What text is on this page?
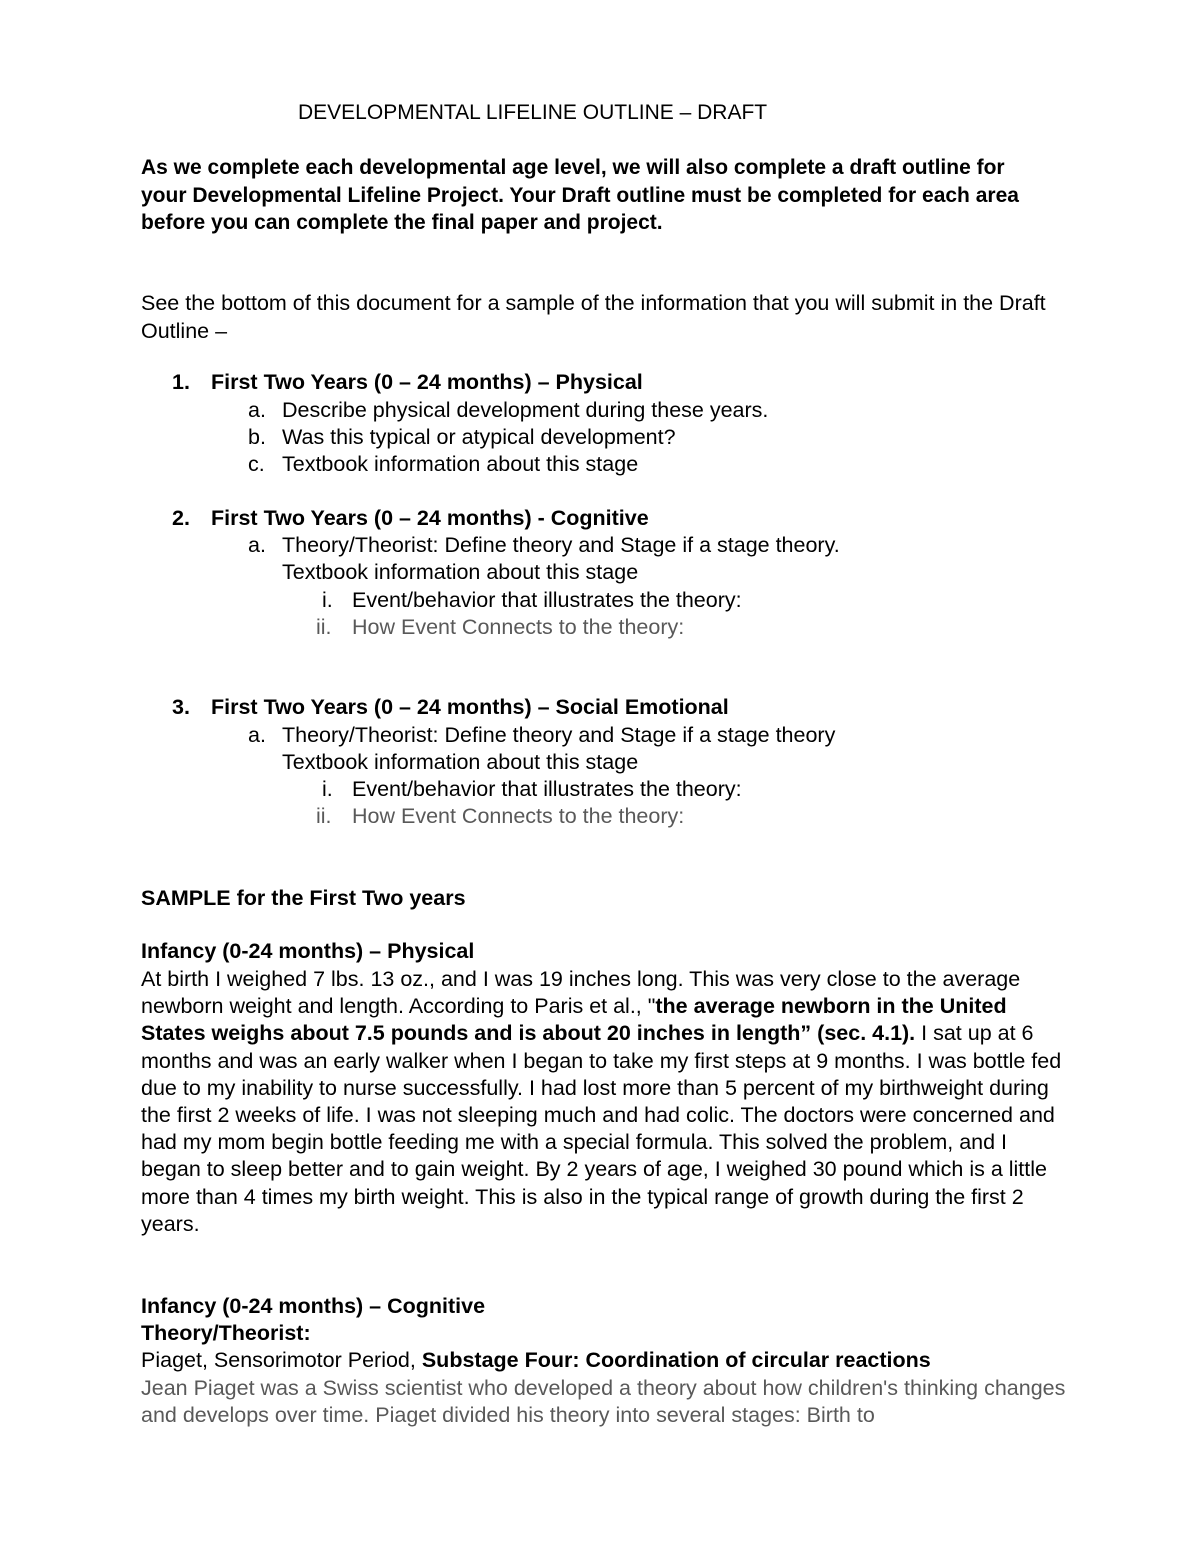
DEVELOPMENTAL LIFELINE OUTLINE – DRAFT

As we complete each developmental age level, we will also complete a draft outline for your Developmental Lifeline Project. Your Draft outline must be completed for each area before you can complete the final paper and project.

See the bottom of this document for a sample of the information that you will submit in the Draft Outline –

1. First Two Years (0 – 24 months) – Physical
a. Describe physical development during these years.
b. Was this typical or atypical development?
c. Textbook information about this stage
2. First Two Years (0 – 24 months) - Cognitive
a. Theory/Theorist: Define theory and Stage if a stage theory.
Textbook information about this stage
i. Event/behavior that illustrates the theory:
ii. How Event Connects to the theory:
3. First Two Years (0 – 24 months) – Social Emotional
a. Theory/Theorist: Define theory and Stage if a stage theory
Textbook information about this stage
i. Event/behavior that illustrates the theory:
ii. How Event Connects to the theory:
SAMPLE for the First Two years
Infancy (0-24 months) – Physical

At birth I weighed 7 lbs. 13 oz., and I was 19 inches long. This was very close to the average newborn weight and length. According to Paris et al., "the average newborn in the United States weighs about 7.5 pounds and is about 20 inches in length” (sec. 4.1). I sat up at 6 months and was an early walker when I began to take my first steps at 9 months. I was bottle fed due to my inability to nurse successfully. I had lost more than 5 percent of my birthweight during the first 2 weeks of life. I was not sleeping much and had colic. The doctors were concerned and had my mom begin bottle feeding me with a special formula. This solved the problem, and I began to sleep better and to gain weight. By 2 years of age, I weighed 30 pound which is a little more than 4 times my birth weight. This is also in the typical range of growth during the first 2 years.

Infancy (0-24 months) – Cognitive
Theory/Theorist:
Piaget, Sensorimotor Period, Substage Four: Coordination of circular reactions

Jean Piaget was a Swiss scientist who developed a theory about how children's thinking changes and develops over time. Piaget divided his theory into several stages: Birth to
